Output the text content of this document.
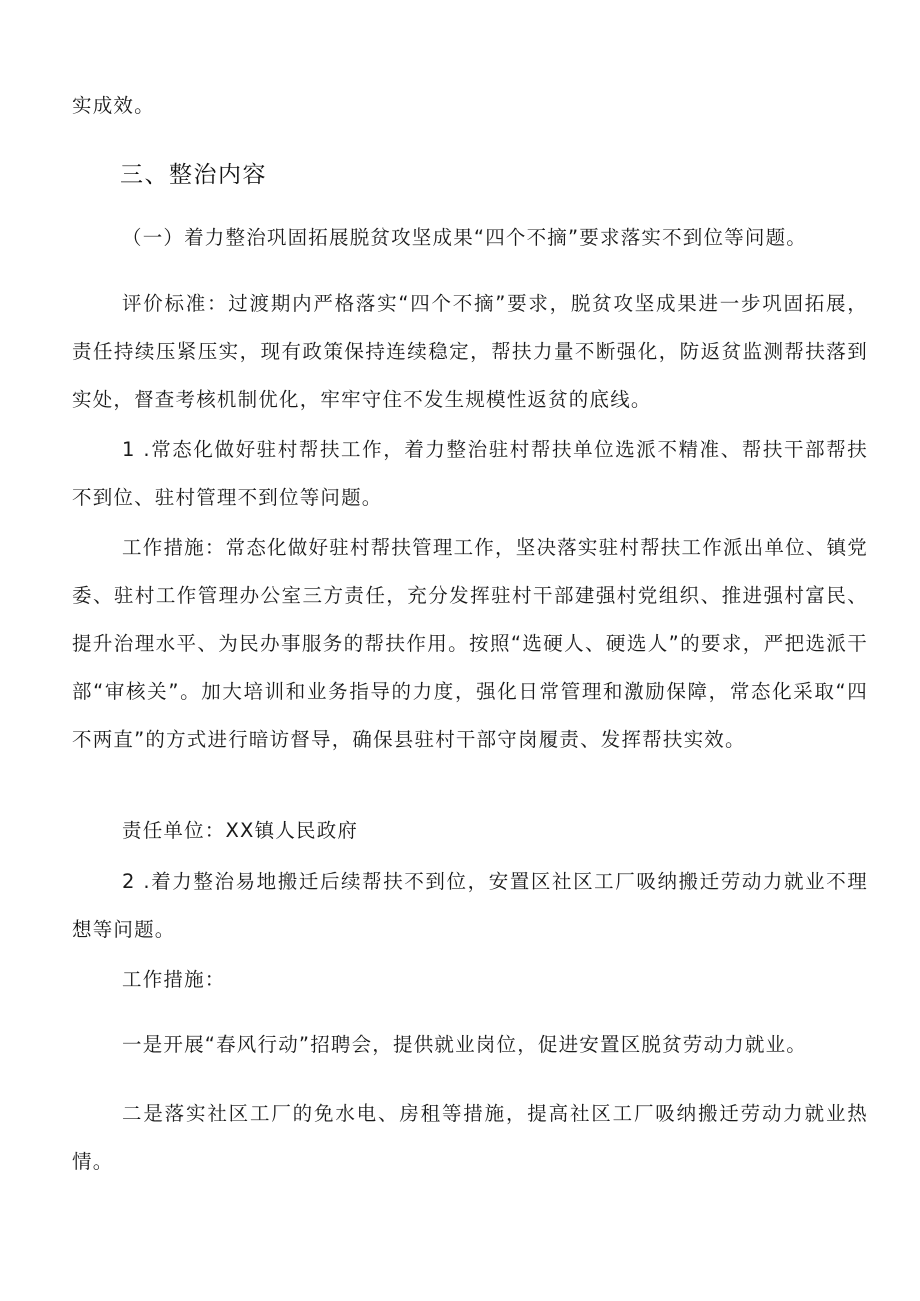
实成效。

三、整治内容

（一）着力整治巩固拓展脱贫攻坚成果“四个不摘”要求落实不到位等问题。

评价标准：过渡期内严格落实“四个不摘”要求，脱贫攻坚成果进一步巩固拓展，责任持续压紧压实，现有政策保持连续稳定，帮扶力量不断强化，防返贫监测帮扶落到实处，督查考核机制优化，牢牢守住不发生规模性返贫的底线。

1 .常态化做好驻村帮扶工作，着力整治驻村帮扶单位选派不精准、帮扶干部帮扶不到位、驻村管理不到位等问题。

工作措施：常态化做好驻村帮扶管理工作，坚决落实驻村帮扶工作派出单位、镇党委、驻村工作管理办公室三方责任，充分发挥驻村干部建强村党组织、推进强村富民、提升治理水平、为民办事服务的帮扶作用。按照“选硬人、硬选人”的要求，严把选派干部“审核关”。加大培训和业务指导的力度，强化日常管理和激励保障，常态化采取“四不两直”的方式进行暗访督导，确保县驻村干部守岗履责、发挥帮扶实效。

责任单位：XX镇人民政府

2 .着力整治易地搬迁后续帮扶不到位，安置区社区工厂吸纳搬迁劳动力就业不理想等问题。

工作措施：

一是开展“春风行动”招聘会，提供就业岗位，促进安置区脱贫劳动力就业。

二是落实社区工厂的免水电、房租等措施，提高社区工厂吸纳搬迁劳动力就业热情。
